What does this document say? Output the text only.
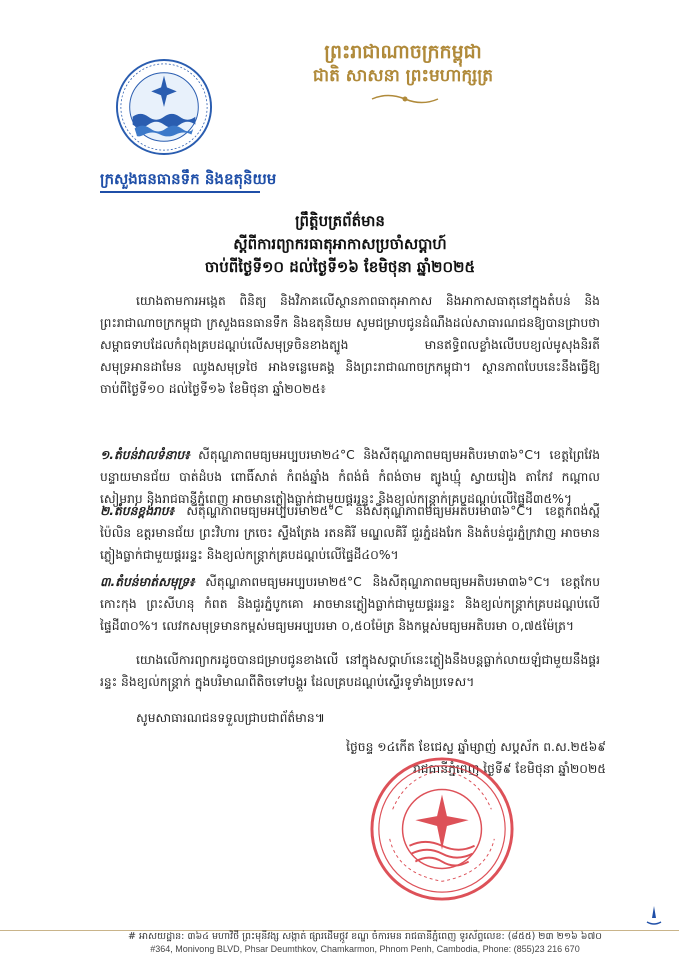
ព្រះរាជាណាចក្រកម្ពុជា
ជាតិ សាសនា ព្រះមហាក្សត្រ
ក្រសួងធនធានទឹក និងឧតុនិយម
ព្រឹត្តិបត្រព័ត៌មាន
ស្តីពីការព្យាករធាតុអាកាសប្រចាំសប្តាហ៍
ចាប់ពីថ្ងៃទី១០ ដល់ថ្ងៃទី១៦ ខែមិថុនា ឆ្នាំ២០២៥
យោងតាមការអង្កេត ពិនិត្យ និងវិភាគលើស្ថានភាពធាតុអាកាស និងអាកាសធាតុនៅក្នុងតំបន់ និងព្រះរាជាណាចក្រកម្ពុជា ក្រសួងធនធានទឹក និងឧតុនិយម សូមជម្រាបជូនដំណឹងដល់សាធារណជនឱ្យបានជ្រាបថា សម្ពាធទាបដែលកំពុងគ្របដណ្ដប់លើសមុទ្រចិនខាងត្បូង មានឥទ្ធិពលខ្លាំងលើបបខ្យល់មូសុងនិរតី សមុទ្រអានដាមែន ឈូងសមុទ្រថៃ អាងទន្លេមេគង្គ និងព្រះរាជាណាចក្រកម្ពុជា។ ស្ថានភាពបែបនេះនឹងធ្វើឱ្យ ចាប់ពីថ្ងៃទី១០ ដល់ថ្ងៃទី១៦ ខែមិថុនា ឆ្នាំ២០២៥៖
១.តំបន់វាលទំនាប៖ សីតុណ្ហភាពមធ្យមអប្បបរមា២៤°C និងសីតុណ្ហភាពមធ្យមអតិបរមា៣៦°C។ ខេត្តព្រៃវែង បន្ទាយមានជ័យ បាត់ដំបង ពោធិ៍សាត់ កំពង់ឆ្នាំង កំពង់ធំ កំពង់ចាម ត្បូងឃ្មុំ ស្វាយរៀង តាកែវ កណ្ដាល សៀមរាប និងរាជធានីភ្នំពេញ អាចមានភ្លៀងធ្លាក់ជាមួយផ្គររន្ទះ និងខ្យល់កន្ត្រាក់គ្របដណ្ដប់លើផ្ទៃដី៣៥%។
២.តំបន់ខ្ពង់រាប៖ សីតុណ្ហភាពមធ្យមអប្បបរមា២៥°C និងសីតុណ្ហភាពមធ្យមអតិបរមា៣៦°C។ ខេត្តកំពង់ស្ពឺ ប៉ៃលិន ឧត្ដរមានជ័យ ព្រះវិហារ ក្រចេះ ស្ទឹងត្រែង រតនគិរី មណ្ឌលគិរី ជួរភ្នំដងរែក និងតំបន់ជួរភ្នំក្រវាញ អាចមានភ្លៀងធ្លាក់ជាមួយផ្គររន្ទះ និងខ្យល់កន្ត្រាក់គ្របដណ្ដប់លើផ្ទៃដី៤០%។
៣.តំបន់មាត់សមុទ្រ៖ សីតុណ្ហភាពមធ្យមអប្បបរមា២៥°C និងសីតុណ្ហភាពមធ្យមអតិបរមា៣៦°C។ ខេត្តកែប កោះកុង ព្រះសីហនុ កំពត និងជួរភ្នំបូកគោ អាចមានភ្លៀងធ្លាក់ជាមួយផ្គររន្ទះ និងខ្យល់កន្ត្រាក់គ្របដណ្ដប់លើផ្ទៃដី៣០%។ លេវកសមុទ្រមានកម្ពស់មធ្យមអប្បបរមា ០,៥០ម៉ែត្រ និងកម្ពស់មធ្យមអតិបរមា ០,៧៥ម៉ែត្រ។
យោងលើការព្យាករដូចបានជម្រាបជូនខាងលើ នៅក្នុងសប្តាហ៍នេះភ្លៀងនឹងបន្តធ្លាក់លាយឡំជាមួយនឹងផ្គររន្ទះ និងខ្យល់កន្ត្រាក់ ក្នុងបរិមាណពីតិចទៅបង្គួរ ដែលគ្របដណ្ដប់ស្ទើរទូទាំងប្រទេស។
សូមសាធារណជនទទួលជ្រាបជាព័ត៌មាន៕
ថ្ងៃចន្ទ ១៤កើត ខែជេស្ឋ ឆ្នាំម្សាញ់ សប្តស័ក ព.ស.២៥៦៩
រាជធានីភ្នំពេញ ថ្ងៃទី៩ ខែមិថុនា ឆ្នាំ២០២៥
# អាសយដ្ឋាន: ៣៦៤ មហាវិថី ព្រះមុនីវង្ស សង្កាត់ ផ្សារដើមថ្កូវ ខណ្ឌ ចំការមន រាជធានីភ្នំពេញ ទូរស័ព្ទលេខ: (៨៥៥) ២៣ ២១៦ ៦៧០
#364, Monivong BLVD, Phsar Deumthkov, Chamkarmon, Phnom Penh, Cambodia, Phone: (855)23 216 670
